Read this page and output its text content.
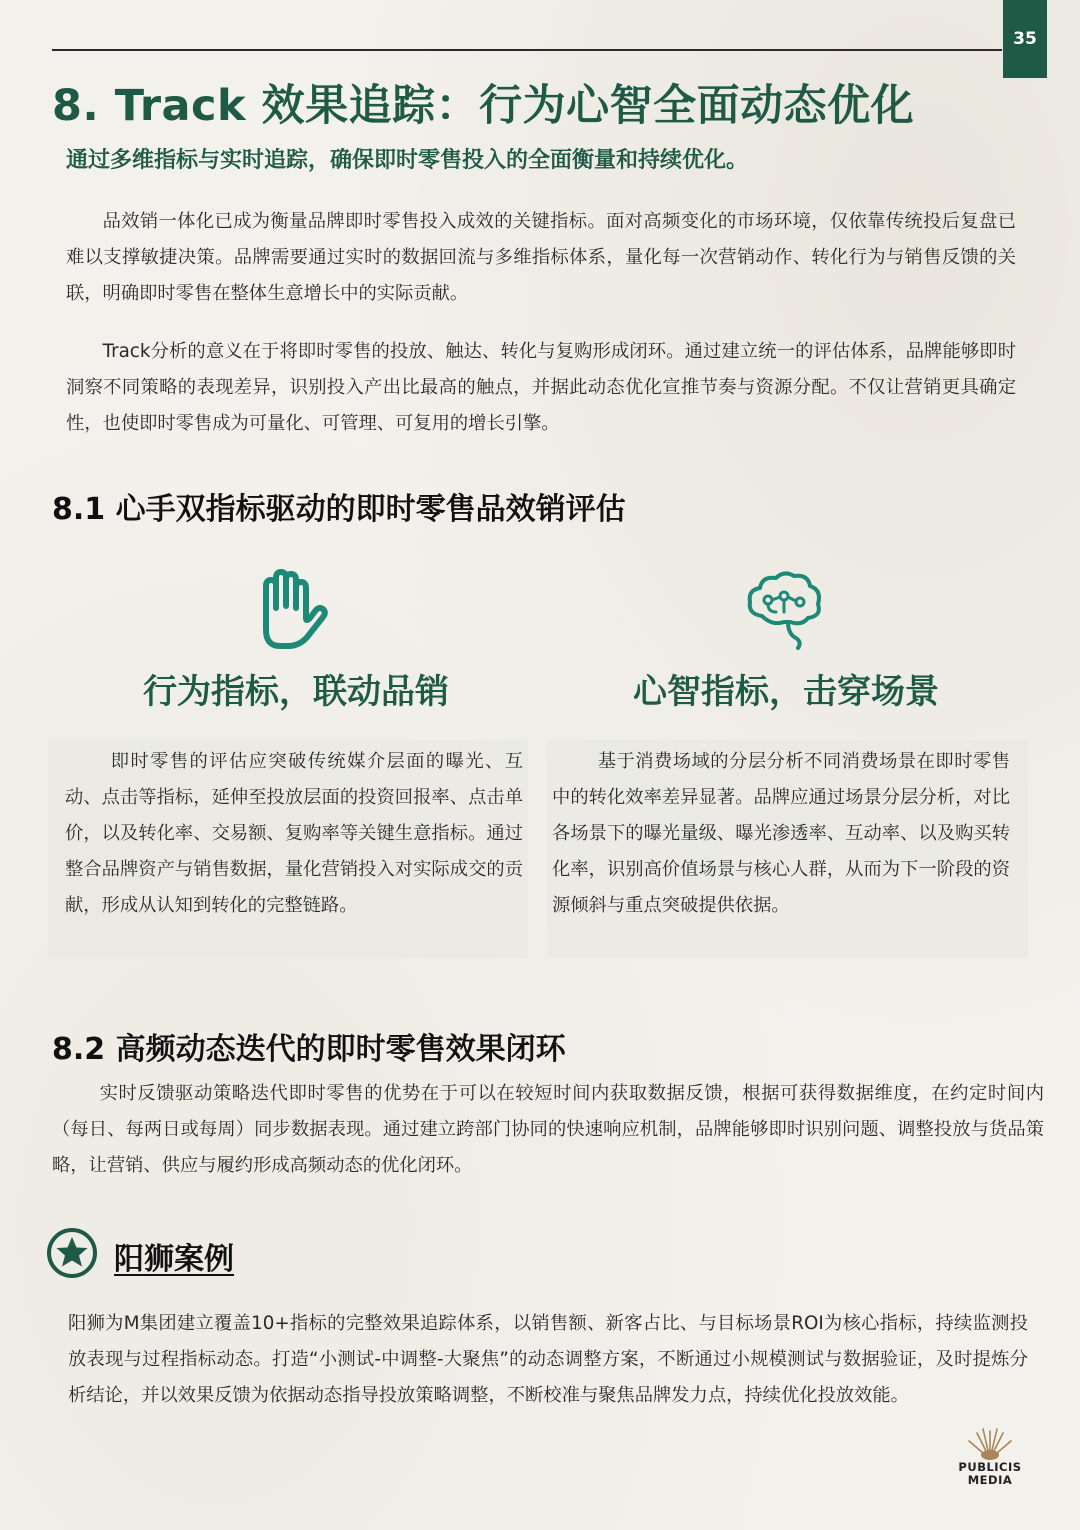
35
8. Track 效果追踪：行为心智全面动态优化
通过多维指标与实时追踪，确保即时零售投入的全面衡量和持续优化。

品效销一体化已成为衡量品牌即时零售投入成效的关键指标。面对高频变化的市场环境，仅依靠传统投后复盘已难以支撑敏捷决策。品牌需要通过实时的数据回流与多维指标体系，量化每一次营销动作、转化行为与销售反馈的关联，明确即时零售在整体生意增长中的实际贡献。

Track分析的意义在于将即时零售的投放、触达、转化与复购形成闭环。通过建立统一的评估体系，品牌能够即时洞察不同策略的表现差异，识别投入产出比最高的触点，并据此动态优化宣推节奏与资源分配。不仅让营销更具确定性，也使即时零售成为可量化、可管理、可复用的增长引擎。

8.1 心手双指标驱动的即时零售品效销评估
行为指标，联动品销	心智指标，击穿场景

即时零售的评估应突破传统媒介层面的曝光、互动、点击等指标，延伸至投放层面的投资回报率、点击单价，以及转化率、交易额、复购率等关键生意指标。通过整合品牌资产与销售数据，量化营销投入对实际成交的贡献，形成从认知到转化的完整链路。

基于消费场域的分层分析不同消费场景在即时零售中的转化效率差异显著。品牌应通过场景分层分析，对比各场景下的曝光量级、曝光渗透率、互动率、以及购买转化率，识别高价值场景与核心人群，从而为下一阶段的资源倾斜与重点突破提供依据。

8.2 高频动态迭代的即时零售效果闭环

实时反馈驱动策略迭代即时零售的优势在于可以在较短时间内获取数据反馈，根据可获得数据维度，在约定时间内（每日、每两日或每周）同步数据表现。通过建立跨部门协同的快速响应机制，品牌能够即时识别问题、调整投放与货品策略，让营销、供应与履约形成高频动态的优化闭环。

阳狮案例

阳狮为M集团建立覆盖10+指标的完整效果追踪体系，以销售额、新客占比、与目标场景ROI为核心指标，持续监测投放表现与过程指标动态。打造“小测试-中调整-大聚焦”的动态调整方案，不断通过小规模测试与数据验证，及时提炼分析结论，并以效果反馈为依据动态指导投放策略调整，不断校准与聚焦品牌发力点，持续优化投放效能。

PUBLICIS
MEDIA
